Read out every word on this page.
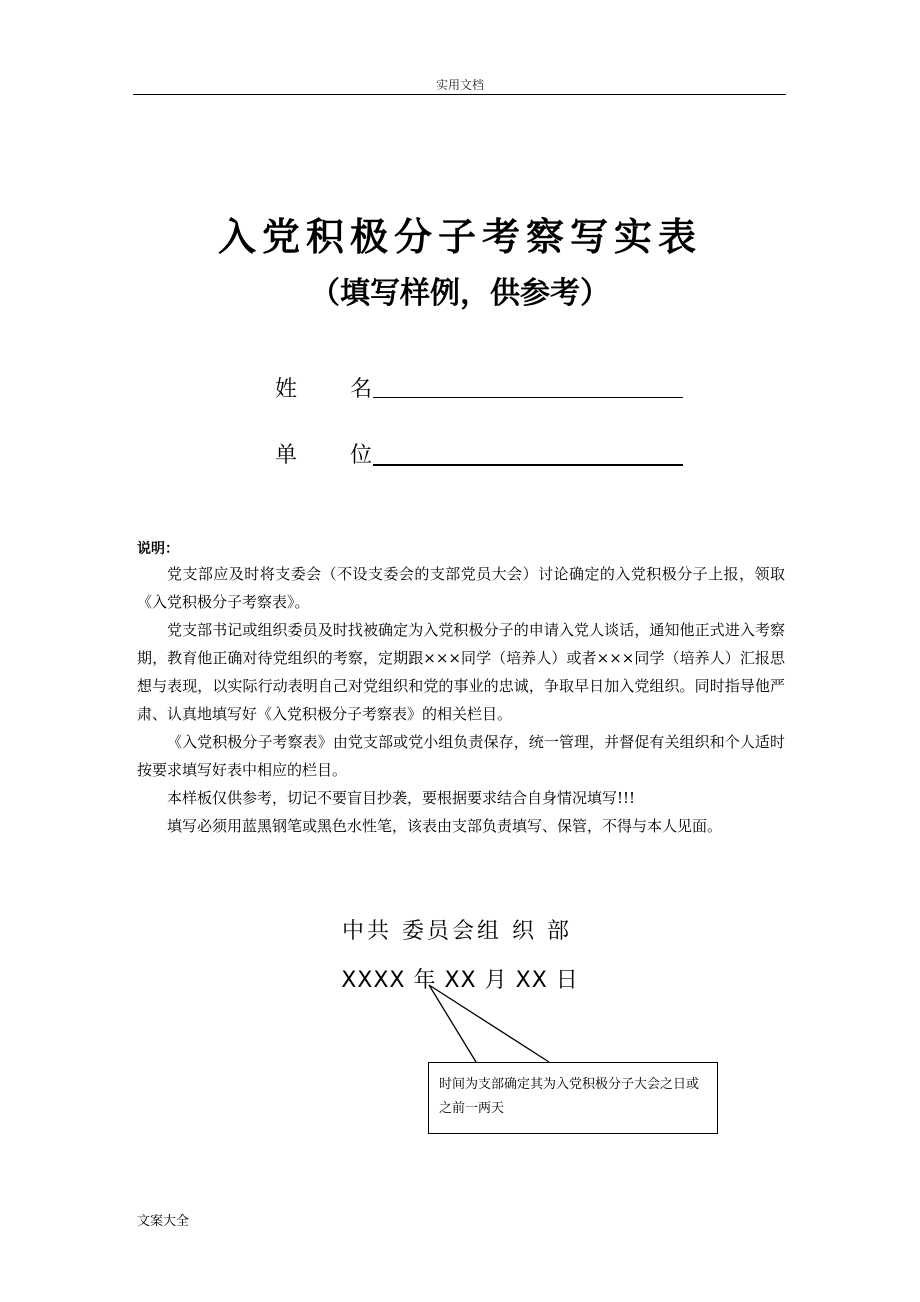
实用文档
入党积极分子考察写实表
（填写样例，供参考）
姓 名
单 位
说明：

党支部应及时将支委会（不设支委会的支部党员大会）讨论确定的入党积极分子上报，领取《入党积极分子考察表》。

党支部书记或组织委员及时找被确定为入党积极分子的申请入党人谈话，通知他正式进入考察期，教育他正确对待党组织的考察，定期跟×××同学（培养人）或者×××同学（培养人）汇报思想与表现，以实际行动表明自己对党组织和党的事业的忠诚，争取早日加入党组织。同时指导他严肃、认真地填写好《入党积极分子考察表》的相关栏目。

《入党积极分子考察表》由党支部或党小组负责保存，统一管理，并督促有关组织和个人适时按要求填写好表中相应的栏目。

本样板仅供参考，切记不要盲目抄袭，要根据要求结合自身情况填写!!!

填写必须用蓝黑钢笔或黑色水性笔，该表由支部负责填写、保管，不得与本人见面。

中共 委员会组 织 部
XXXX 年 XX 月 XX 日
时间为支部确定其为入党积极分子大会之日或之前一两天
文案大全
